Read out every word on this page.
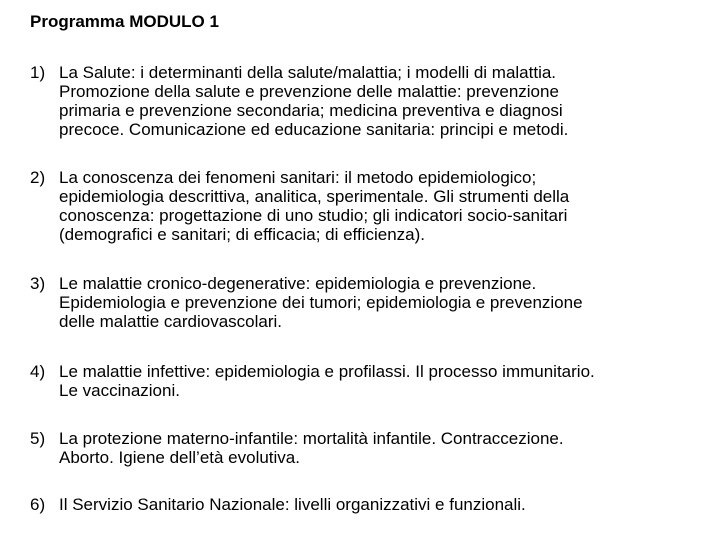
Programma MODULO 1
1) La Salute: i determinanti della salute/malattia; i modelli di malattia.
Promozione della salute e prevenzione delle malattie: prevenzione
primaria e prevenzione secondaria; medicina preventiva e diagnosi
precoce. Comunicazione ed educazione sanitaria: principi e metodi.
2) La conoscenza dei fenomeni sanitari: il metodo epidemiologico;
epidemiologia descrittiva, analitica, sperimentale. Gli strumenti della
conoscenza: progettazione di uno studio; gli indicatori socio-sanitari
(demografici e sanitari; di efficacia; di efficienza).
3) Le malattie cronico-degenerative: epidemiologia e prevenzione.
Epidemiologia e prevenzione dei tumori; epidemiologia e prevenzione
delle malattie cardiovascolari.
4) Le malattie infettive: epidemiologia e profilassi. Il processo immunitario.
Le vaccinazioni.
5) La protezione materno-infantile: mortalità infantile. Contraccezione.
Aborto. Igiene dell’età evolutiva.
6) Il Servizio Sanitario Nazionale: livelli organizzativi e funzionali.
